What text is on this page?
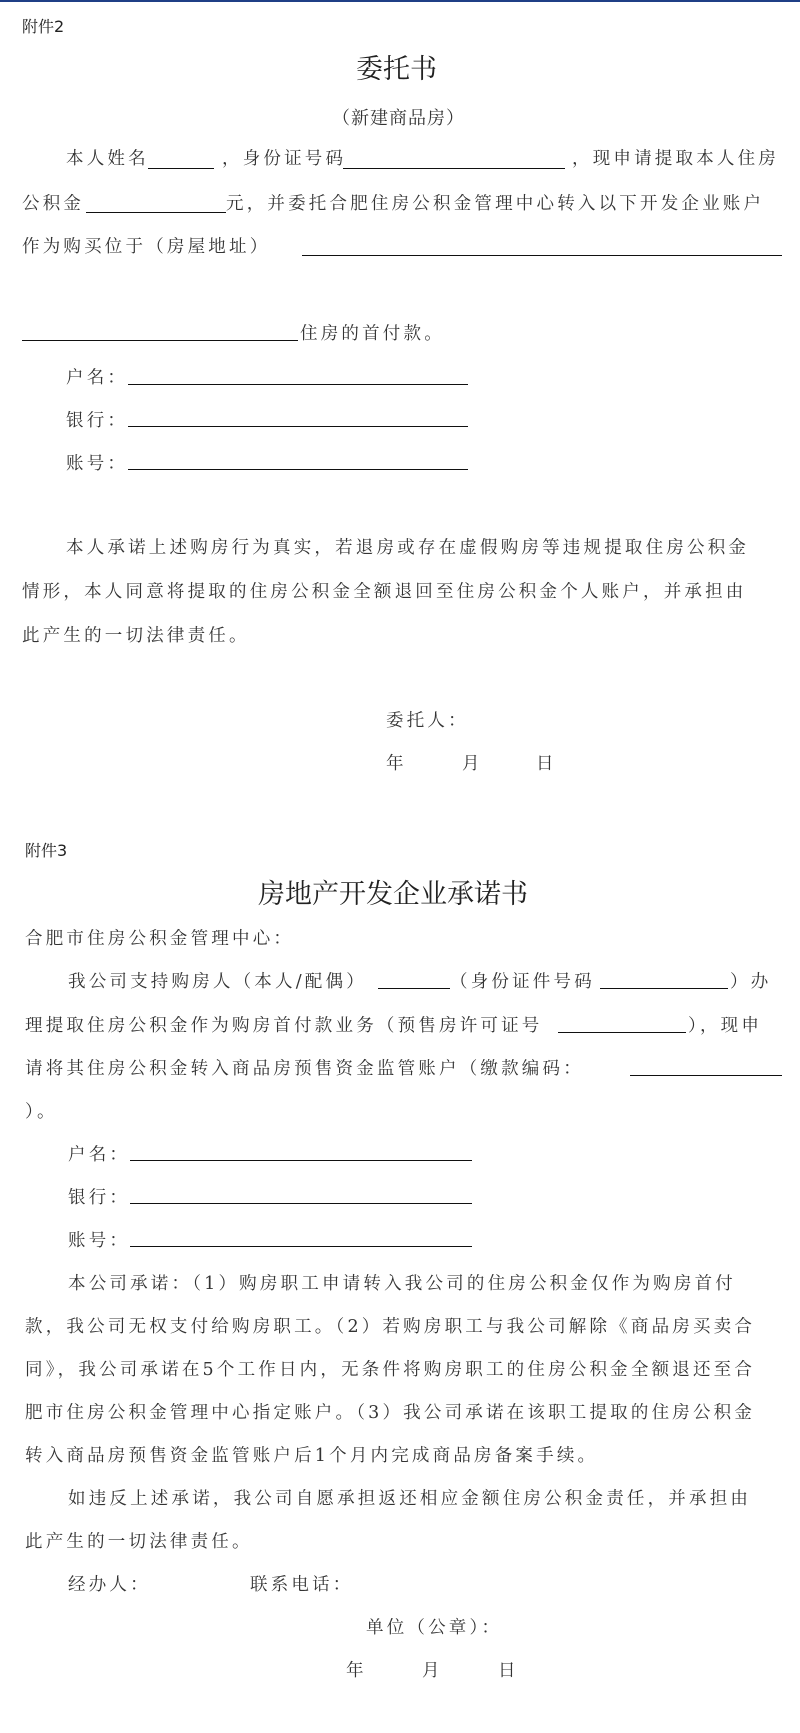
附件2
委托书
（新建商品房）
本人姓名	，身份证号码	，现申请提取本人住房
公积金	元，并委托合肥住房公积金管理中心转入以下开发企业账户
作为购买位于（房屋地址）
住房的首付款。
户名：
银行：
账号：
本人承诺上述购房行为真实，若退房或存在虚假购房等违规提取住房公积金
情形，本人同意将提取的住房公积金全额退回至住房公积金个人账户，并承担由
此产生的一切法律责任。
委托人：
年	月	日
附件3
房地产开发企业承诺书
合肥市住房公积金管理中心：
我公司支持购房人（本人/配偶）	（身份证件号码	）办
理提取住房公积金作为购房首付款业务（预售房许可证号	），现申
请将其住房公积金转入商品房预售资金监管账户（缴款编码：
）。
户名：
银行：
账号：
本公司承诺：（1）购房职工申请转入我公司的住房公积金仅作为购房首付
款，我公司无权支付给购房职工。（2）若购房职工与我公司解除《商品房买卖合
同》，我公司承诺在5个工作日内，无条件将购房职工的住房公积金全额退还至合
肥市住房公积金管理中心指定账户。（3）我公司承诺在该职工提取的住房公积金
转入商品房预售资金监管账户后1个月内完成商品房备案手续。
如违反上述承诺，我公司自愿承担返还相应金额住房公积金责任，并承担由
此产生的一切法律责任。
经办人：	联系电话：
单位（公章）：
年	月	日
